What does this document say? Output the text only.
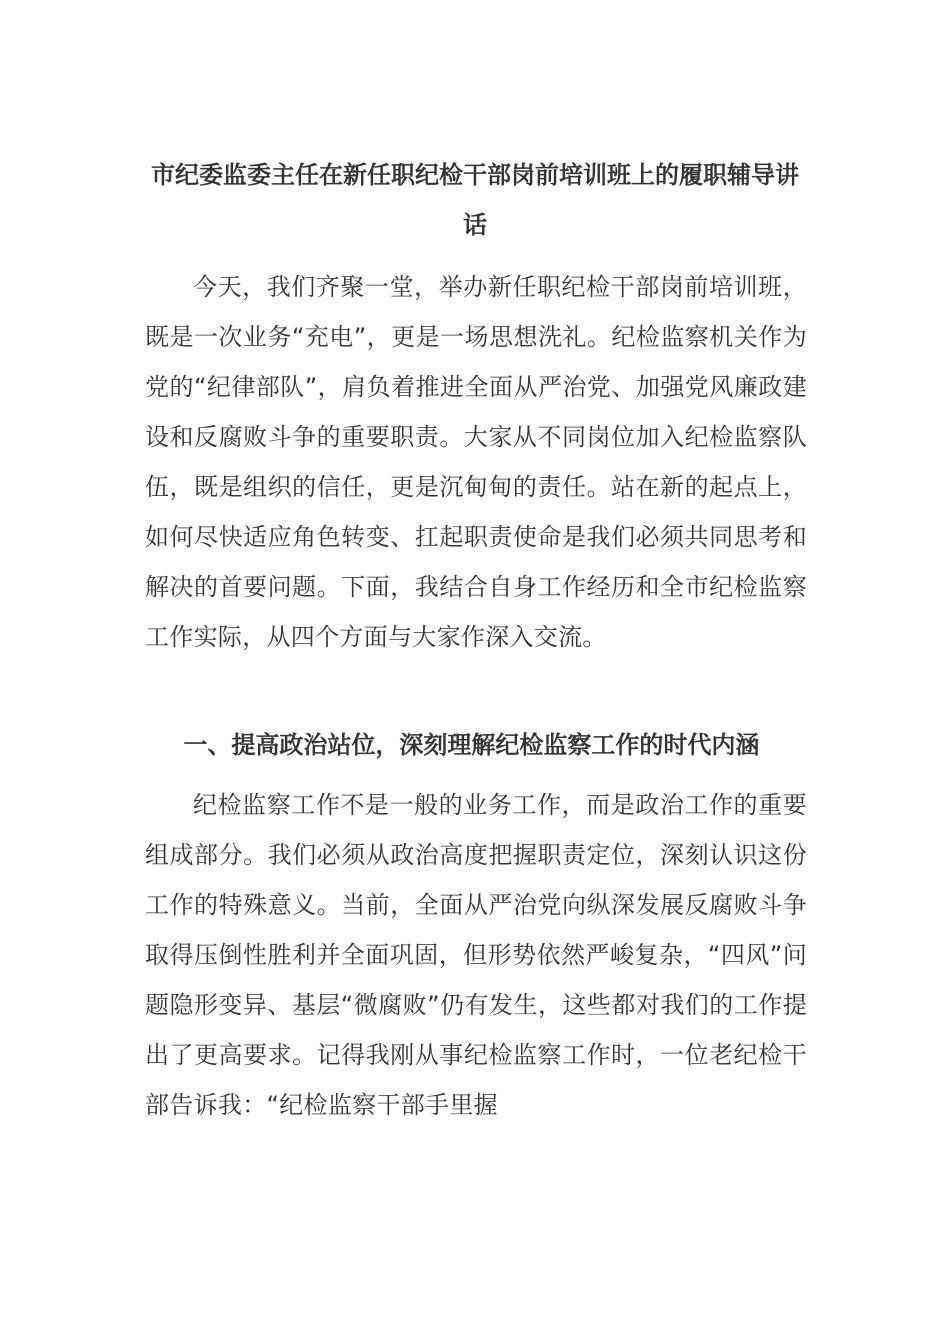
市纪委监委主任在新任职纪检干部岗前培训班上的履职辅导讲话

今天，我们齐聚一堂，举办新任职纪检干部岗前培训班，既是一次业务“充电”，更是一场思想洗礼。纪检监察机关作为党的“纪律部队”，肩负着推进全面从严治党、加强党风廉政建设和反腐败斗争的重要职责。大家从不同岗位加入纪检监察队伍，既是组织的信任，更是沉甸甸的责任。站在新的起点上，如何尽快适应角色转变、扛起职责使命是我们必须共同思考和解决的首要问题。下面，我结合自身工作经历和全市纪检监察工作实际，从四个方面与大家作深入交流。

一、提高政治站位，深刻理解纪检监察工作的时代内涵

纪检监察工作不是一般的业务工作，而是政治工作的重要组成部分。我们必须从政治高度把握职责定位，深刻认识这份工作的特殊意义。当前，全面从严治党向纵深发展反腐败斗争取得压倒性胜利并全面巩固，但形势依然严峻复杂，“四风”问题隐形变异、基层“微腐败”仍有发生，这些都对我们的工作提出了更高要求。记得我刚从事纪检监察工作时，一位老纪检干部告诉我：“纪检监察干部手里握
